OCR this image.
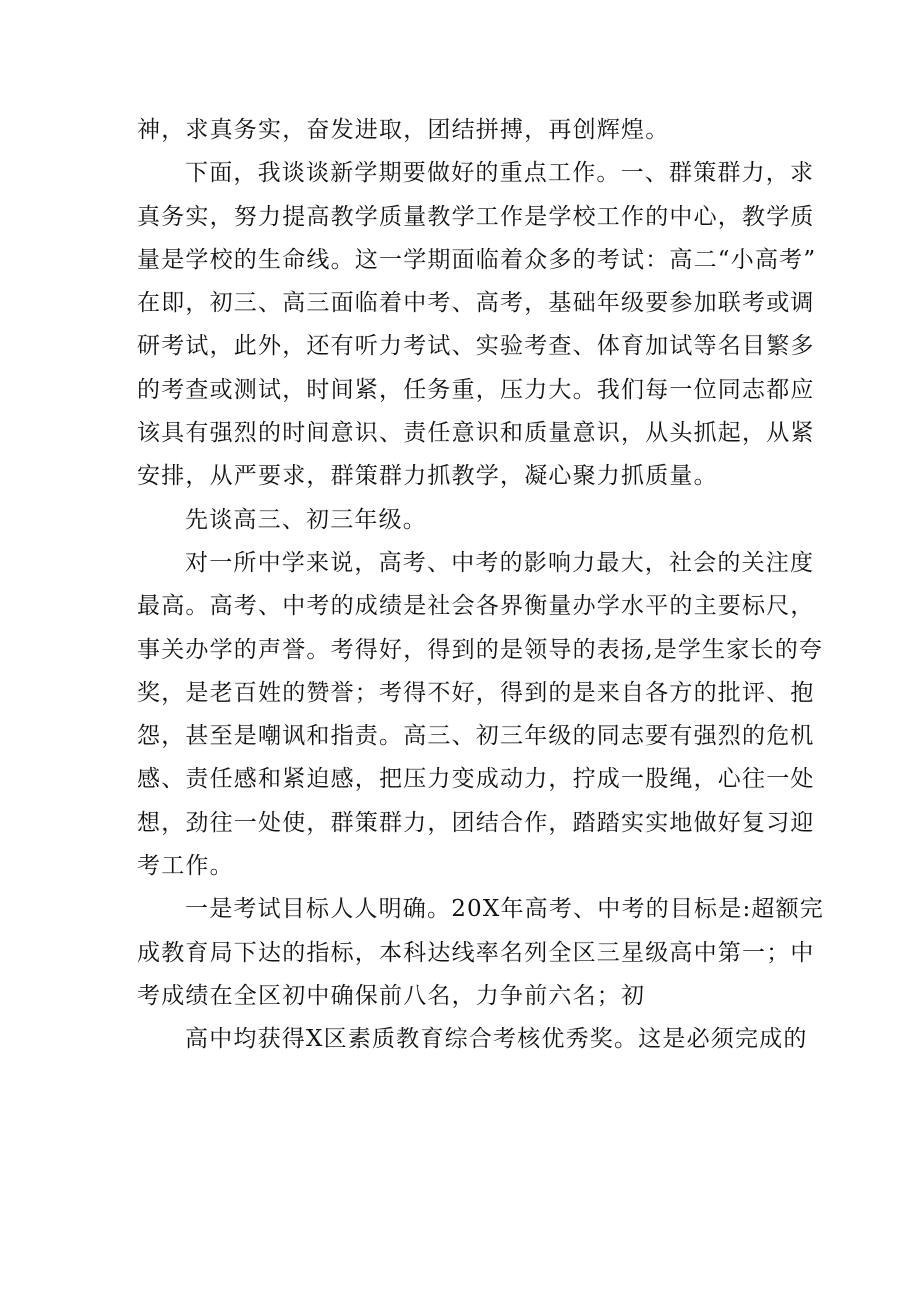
神，求真务实，奋发进取，团结拼搏，再创辉煌。

下面，我谈谈新学期要做好的重点工作。一、群策群力，求
真务实，努力提高教学质量教学工作是学校工作的中心，教学质
量是学校的生命线。这一学期面临着众多的考试：高二“小高考”
在即，初三、高三面临着中考、高考，基础年级要参加联考或调
研考试，此外，还有听力考试、实验考查、体育加试等名目繁多
的考查或测试，时间紧，任务重，压力大。我们每一位同志都应
该具有强烈的时间意识、责任意识和质量意识，从头抓起，从紧
安排，从严要求，群策群力抓教学，凝心聚力抓质量。

先谈高三、初三年级。

对一所中学来说，高考、中考的影响力最大，社会的关注度
最高。高考、中考的成绩是社会各界衡量办学水平的主要标尺，
事关办学的声誉。考得好，得到的是领导的表扬,是学生家长的夸
奖，是老百姓的赞誉；考得不好，得到的是来自各方的批评、抱
怨，甚至是嘲讽和指责。高三、初三年级的同志要有强烈的危机
感、责任感和紧迫感，把压力变成动力，拧成一股绳，心往一处
想，劲往一处使，群策群力，团结合作，踏踏实实地做好复习迎
考工作。

一是考试目标人人明确。20X年高考、中考的目标是:超额完
成教育局下达的指标，本科达线率名列全区三星级高中第一；中
考成绩在全区初中确保前八名，力争前六名；初

高中均获得X区素质教育综合考核优秀奖。这是必须完成的
